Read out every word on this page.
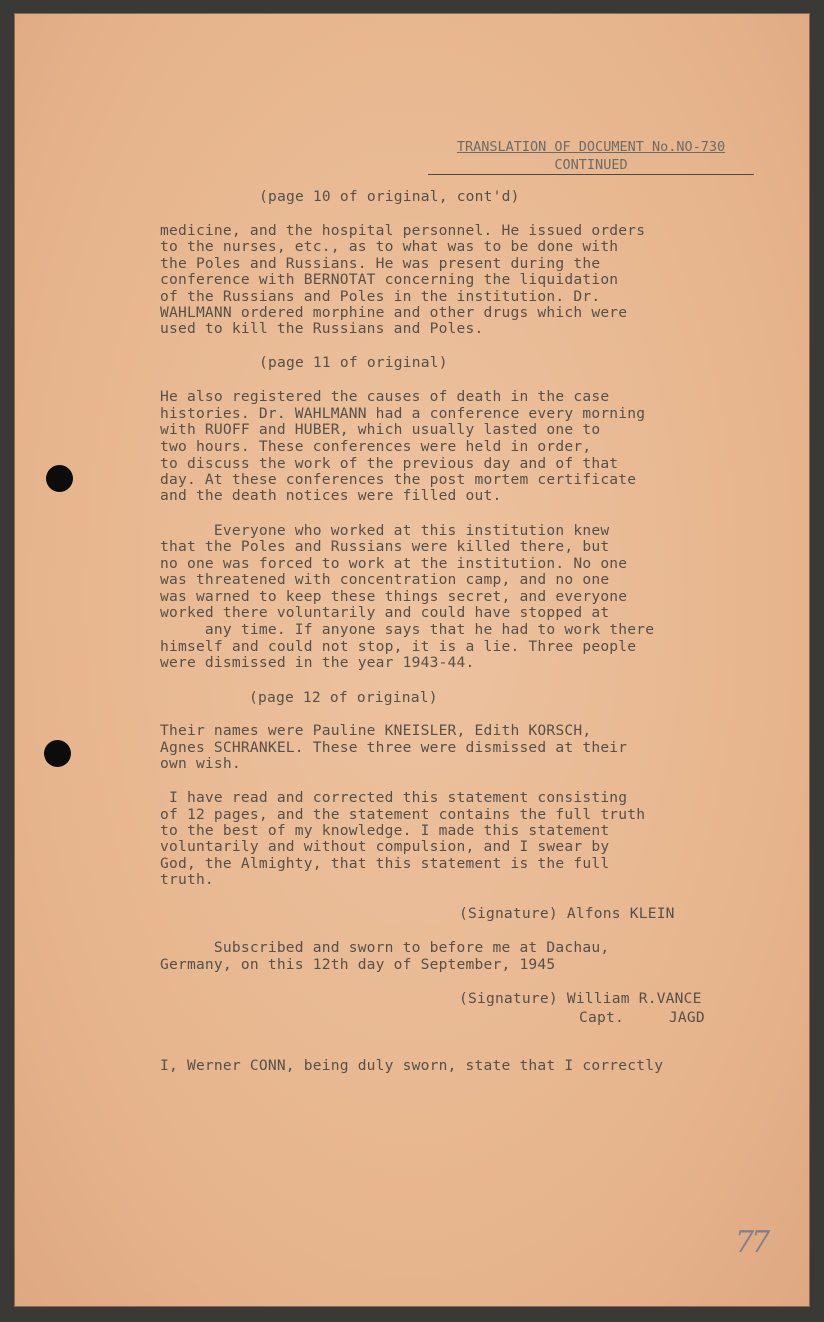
TRANSLATION OF DOCUMENT No.NO-730
CONTINUED
(page 10 of original, cont'd)
medicine, and the hospital personnel. He issued orders
to the nurses, etc., as to what was to be done with
the Poles and Russians. He was present during the
conference with BERNOTAT concerning the liquidation
of the Russians and Poles in the institution. Dr.
WAHLMANN ordered morphine and other drugs which were
used to kill the Russians and Poles.
(page 11 of original)
He also registered the causes of death in the case
histories. Dr. WAHLMANN had a conference every morning
with RUOFF and HUBER, which usually lasted one to
two hours. These conferences were held in order,
to discuss the work of the previous day and of that
day. At these conferences the post mortem certificate
and the death notices were filled out.
Everyone who worked at this institution knew
that the Poles and Russians were killed there, but
no one was forced to work at the institution. No one
was threatened with concentration camp, and no one
was warned to keep these things secret, and everyone
worked there voluntarily and could have stopped at
any time. If anyone says that he had to work there
himself and could not stop, it is a lie. Three people
were dismissed in the year 1943-44.
(page 12 of original)
Their names were Pauline KNEISLER, Edith KORSCH,
Agnes SCHRANKEL. These three were dismissed at their
own wish.
I have read and corrected this statement consisting
of 12 pages, and the statement contains the full truth
to the best of my knowledge. I made this statement
voluntarily and without compulsion, and I swear by
God, the Almighty, that this statement is the full
truth.
(Signature) Alfons KLEIN
Subscribed and sworn to before me at Dachau,
Germany, on this 12th day of September, 1945
(Signature) William R.VANCE
Capt.     JAGD
I, Werner CONN, being duly sworn, state that I correctly
77
